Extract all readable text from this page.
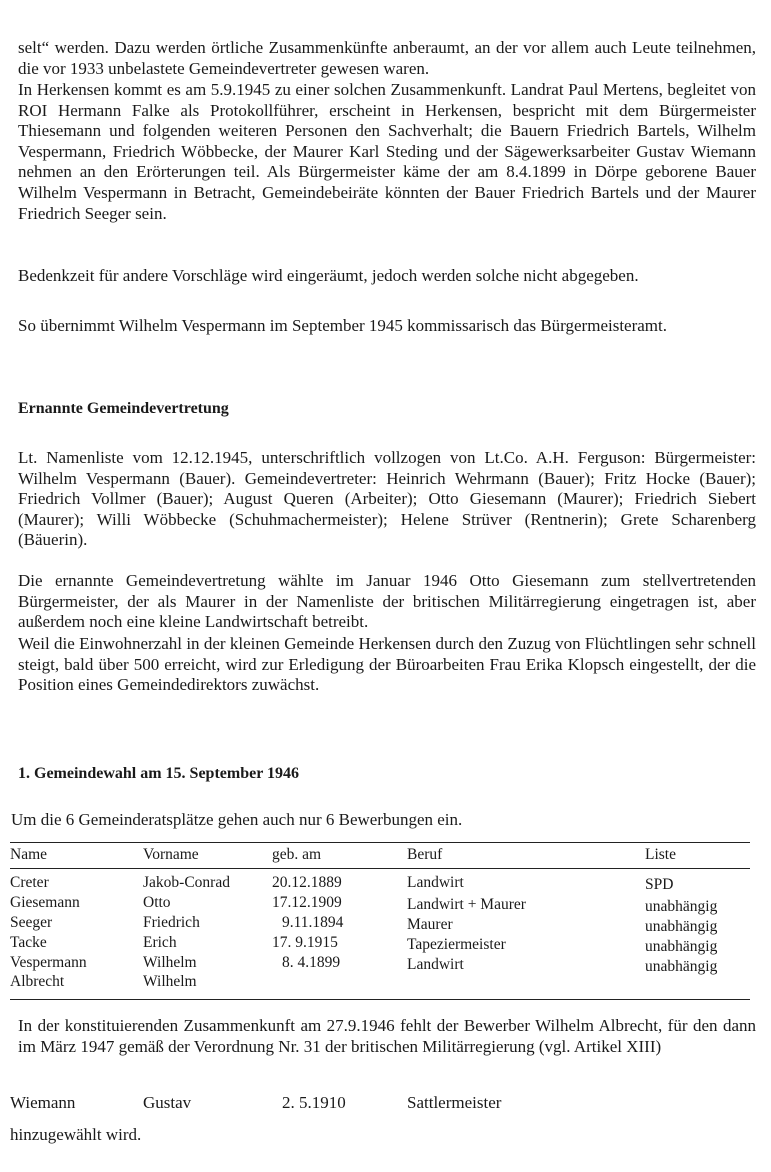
selt“ werden. Dazu werden örtliche Zusammenkünfte anberaumt, an der vor allem auch Leute teilnehmen, die vor 1933 unbelastete Gemeindevertreter gewesen waren.

In Herkensen kommt es am 5.9.1945 zu einer solchen Zusammenkunft. Landrat Paul Mertens, begleitet von ROI Hermann Falke als Protokollführer, erscheint in Herkensen, bespricht mit dem Bürgermeister Thiesemann und folgenden weiteren Personen den Sachverhalt; die Bauern Friedrich Bartels, Wilhelm Vespermann, Friedrich Wöbbecke, der Maurer Karl Steding und der Sägewerksarbeiter Gustav Wiemann nehmen an den Erörterungen teil. Als Bürgermeister käme der am 8.4.1899 in Dörpe geborene Bauer Wilhelm Vespermann in Betracht, Gemeindebeiräte könnten der Bauer Friedrich Bartels und der Maurer Friedrich Seeger sein.

Bedenkzeit für andere Vorschläge wird eingeräumt, jedoch werden solche nicht abgegeben.

So übernimmt Wilhelm Vespermann im September 1945 kommissarisch das Bürgermeisteramt.

Ernannte Gemeindevertretung

Lt. Namenliste vom 12.12.1945, unterschriftlich vollzogen von Lt.Co. A.H. Ferguson: Bürgermeister: Wilhelm Vespermann (Bauer). Gemeindevertreter: Heinrich Wehrmann (Bauer); Fritz Hocke (Bauer); Friedrich Vollmer (Bauer); August Queren (Arbeiter); Otto Giesemann (Maurer); Friedrich Siebert (Maurer); Willi Wöbbecke (Schuhmachermeister); Helene Strüver (Rentnerin); Grete Scharenberg (Bäuerin).

Die ernannte Gemeindevertretung wählte im Januar 1946 Otto Giesemann zum stellvertretenden Bürgermeister, der als Maurer in der Namenliste der britischen Militärregierung eingetragen ist, aber außerdem noch eine kleine Landwirtschaft betreibt.

Weil die Einwohnerzahl in der kleinen Gemeinde Herkensen durch den Zuzug von Flüchtlingen sehr schnell steigt, bald über 500 erreicht, wird zur Erledigung der Büroarbeiten Frau Erika Klopsch eingestellt, der die Position eines Gemeindedirektors zuwächst.

1. Gemeindewahl am 15. September 1946
Um die 6 Gemeinderatsplätze gehen auch nur 6 Bewerbungen ein.
Name	Vorname	geb. am	Beruf	Liste
Creter	Jakob-Conrad	20.12.1889	Landwirt	SPD
Giesemann	Otto	17.12.1909	Landwirt + Maurer	unabhängig
Seeger	Friedrich	9.11.1894	Maurer	unabhängig
Tacke	Erich	17. 9.1915	Tapeziermeister	unabhängig
Vespermann	Wilhelm	8. 4.1899	Landwirt	unabhängig
Albrecht	Wilhelm

In der konstituierenden Zusammenkunft am 27.9.1946 fehlt der Bewerber Wilhelm Albrecht, für den dann im März 1947 gemäß der Verordnung Nr. 31 der britischen Militärregierung (vgl. Artikel XIII)

Wiemann	Gustav	2. 5.1910	Sattlermeister
hinzugewählt wird.
